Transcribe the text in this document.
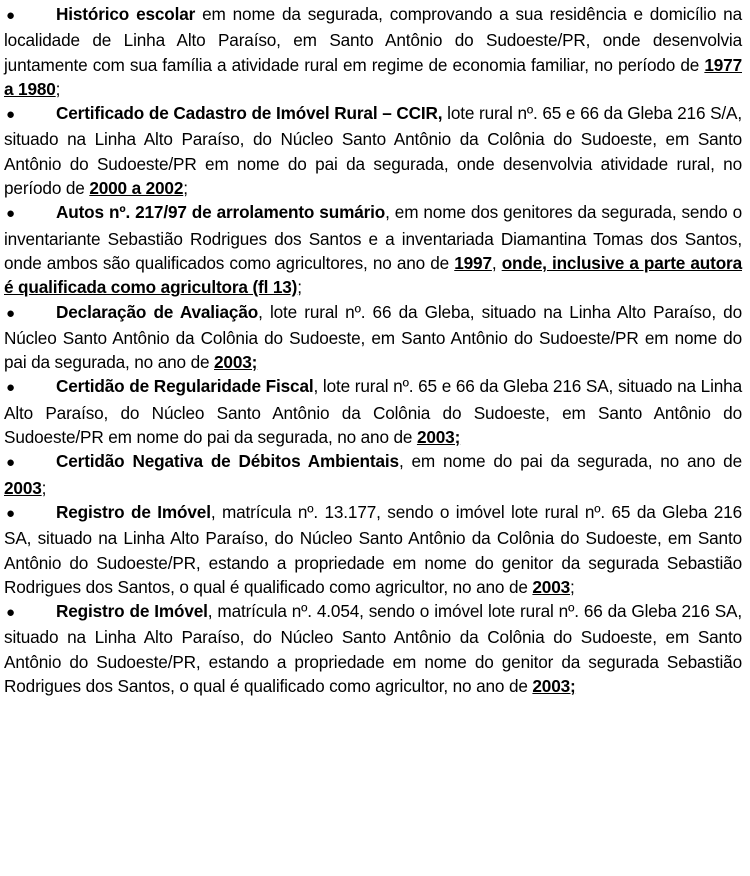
● Histórico escolar em nome da segurada, comprovando a sua residência e domicílio na localidade de Linha Alto Paraíso, em Santo Antônio do Sudoeste/PR, onde desenvolvia juntamente com sua família a atividade rural em regime de economia familiar, no período de 1977 a 1980;

● Certificado de Cadastro de Imóvel Rural – CCIR, lote rural nº. 65 e 66 da Gleba 216 S/A, situado na Linha Alto Paraíso, do Núcleo Santo Antônio da Colônia do Sudoeste, em Santo Antônio do Sudoeste/PR em nome do pai da segurada, onde desenvolvia atividade rural, no período de 2000 a 2002;

● Autos nº. 217/97 de arrolamento sumário, em nome dos genitores da segurada, sendo o inventariante Sebastião Rodrigues dos Santos e a inventariada Diamantina Tomas dos Santos, onde ambos são qualificados como agricultores, no ano de 1997, onde, inclusive a parte autora é qualificada como agricultora (fl 13);

● Declaração de Avaliação, lote rural nº. 66 da Gleba, situado na Linha Alto Paraíso, do Núcleo Santo Antônio da Colônia do Sudoeste, em Santo Antônio do Sudoeste/PR em nome do pai da segurada, no ano de 2003;

● Certidão de Regularidade Fiscal, lote rural nº. 65 e 66 da Gleba 216 SA, situado na Linha Alto Paraíso, do Núcleo Santo Antônio da Colônia do Sudoeste, em Santo Antônio do Sudoeste/PR em nome do pai da segurada, no ano de 2003;

● Certidão Negativa de Débitos Ambientais, em nome do pai da segurada, no ano de 2003;

● Registro de Imóvel, matrícula nº. 13.177, sendo o imóvel lote rural nº. 65 da Gleba 216 SA, situado na Linha Alto Paraíso, do Núcleo Santo Antônio da Colônia do Sudoeste, em Santo Antônio do Sudoeste/PR, estando a propriedade em nome do genitor da segurada Sebastião Rodrigues dos Santos, o qual é qualificado como agricultor, no ano de 2003;

● Registro de Imóvel, matrícula nº. 4.054, sendo o imóvel lote rural nº. 66 da Gleba 216 SA, situado na Linha Alto Paraíso, do Núcleo Santo Antônio da Colônia do Sudoeste, em Santo Antônio do Sudoeste/PR, estando a propriedade em nome do genitor da segurada Sebastião Rodrigues dos Santos, o qual é qualificado como agricultor, no ano de 2003;
